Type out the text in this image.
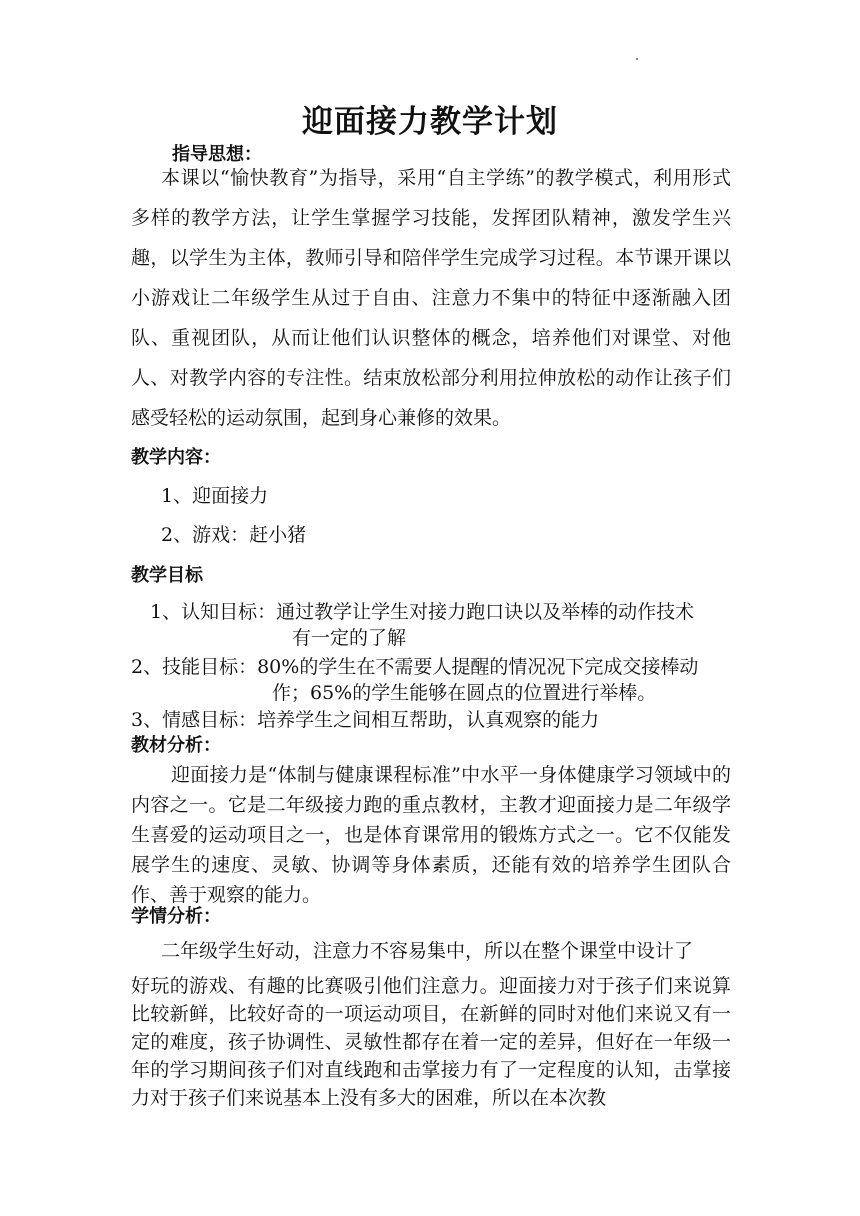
迎面接力教学计划
指导思想：
本课以“愉快教育”为指导，采用“自主学练”的教学模式，利用形式多样的教学方法，让学生掌握学习技能，发挥团队精神，激发学生兴趣，以学生为主体，教师引导和陪伴学生完成学习过程。本节课开课以小游戏让二年级学生从过于自由、注意力不集中的特征中逐渐融入团队、重视团队，从而让他们认识整体的概念，培养他们对课堂、对他人、对教学内容的专注性。结束放松部分利用拉伸放松的动作让孩子们感受轻松的运动氛围，起到身心兼修的效果。
教学内容：
1、迎面接力
2、游戏：赶小猪
教学目标
1、认知目标：通过教学让学生对接力跑口诀以及举棒的动作技术
有一定的了解
2、技能目标：80%的学生在不需要人提醒的情况况下完成交接棒动
作；65%的学生能够在圆点的位置进行举棒。
3、情感目标：培养学生之间相互帮助，认真观察的能力
教材分析：
迎面接力是“体制与健康课程标准”中水平一身体健康学习领域中的内容之一。它是二年级接力跑的重点教材，主教才迎面接力是二年级学生喜爱的运动项目之一，也是体育课常用的锻炼方式之一。它不仅能发展学生的速度、灵敏、协调等身体素质，还能有效的培养学生团队合作、善于观察的能力。
学情分析：
二年级学生好动，注意力不容易集中，所以在整个课堂中设计了
好玩的游戏、有趣的比赛吸引他们注意力。迎面接力对于孩子们来说算比较新鲜，比较好奇的一项运动项目，在新鲜的同时对他们来说又有一定的难度，孩子协调性、灵敏性都存在着一定的差异，但好在一年级一年的学习期间孩子们对直线跑和击掌接力有了一定程度的认知，击掌接力对于孩子们来说基本上没有多大的困难，所以在本次教
